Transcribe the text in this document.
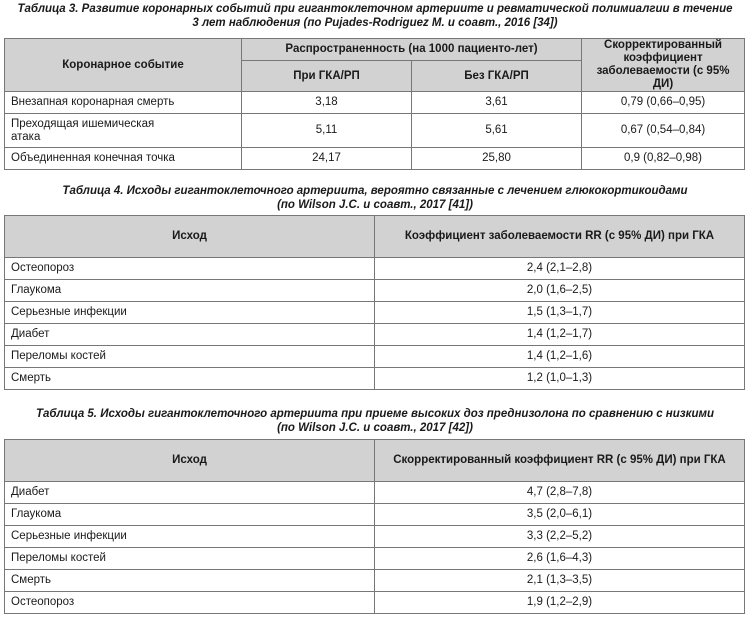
Таблица 3. Развитие коронарных событий при гигантоклеточном артериите и ревматической полимиалгии в течение
3 лет наблюдения (по Pujades-Rodriguez M. и соавт., 2016 [34])
Коронарное событие	Распространенность (на 1000 пациенто-лет)		Скорректированный коэффициент заболеваемости (с 95% ДИ)
	При ГКА/РП	Без ГКА/РП	
Внезапная коронарная смерть	3,18	3,61	0,79 (0,66–0,95)
Преходящая ишемическая атака	5,11	5,61	0,67 (0,54–0,84)
Объединенная конечная точка	24,17	25,80	0,9 (0,82–0,98)
Таблица 4. Исходы гигантоклеточного артериита, вероятно связанные с лечением глюкокортикоидами
(по Wilson J.C. и соавт., 2017 [41])
Исход	Коэффициент заболеваемости RR (с 95% ДИ) при ГКА
Остеопороз	2,4 (2,1–2,8)
Глаукома	2,0 (1,6–2,5)
Серьезные инфекции	1,5 (1,3–1,7)
Диабет	1,4 (1,2–1,7)
Переломы костей	1,4 (1,2–1,6)
Смерть	1,2 (1,0–1,3)
Таблица 5. Исходы гигантоклеточного артериита при приеме высоких доз преднизолона по сравнению с низкими
(по Wilson J.C. и соавт., 2017 [42])
Исход	Скорректированный коэффициент RR (с 95% ДИ) при ГКА
Диабет	4,7 (2,8–7,8)
Глаукома	3,5 (2,0–6,1)
Серьезные инфекции	3,3 (2,2–5,2)
Переломы костей	2,6 (1,6–4,3)
Смерть	2,1 (1,3–3,5)
Остеопороз	1,9 (1,2–2,9)
